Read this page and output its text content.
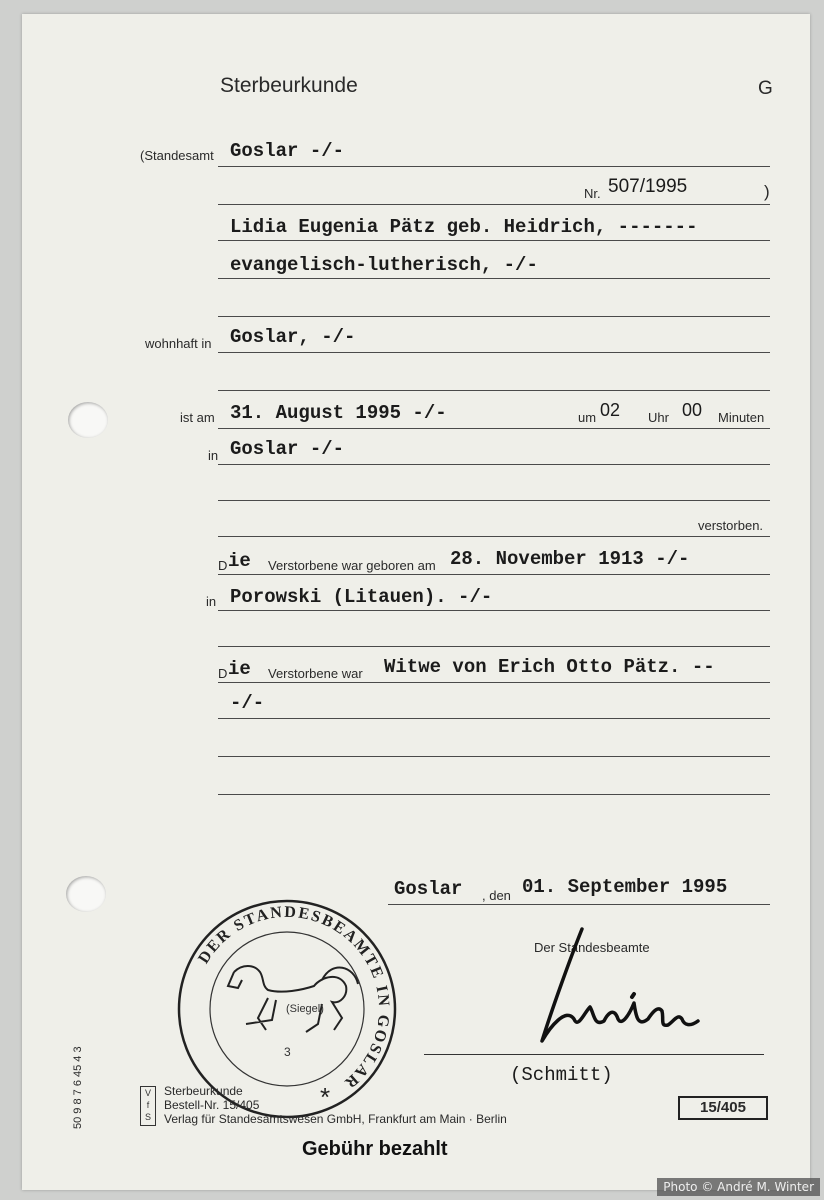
Sterbeurkunde	G
(Standesamt Goslar -/-
Nr. 507/1995	)
Lidia Eugenia Pätz geb. Heidrich, -------
evangelisch-lutherisch, -/-
wohnhaft in Goslar, -/-
ist am 31. August 1995 -/-	um 02 Uhr 00 Minuten
in Goslar -/-
verstorben.
D ie Verstorbene war geboren am 28. November 1913 -/-
in Porowski (Litauen). -/-
D ie Verstorbene war Witwe von Erich Otto Pätz. --
-/-
Goslar , den 01. September 1995
Der Standesbeamte
(Schmitt)
DER STANDESBEAMTE IN GOSLAR
(Siegel)
3
*
50 9 8 7 6 45 4 3	V
f
S
Sterbeurkunde
Bestell-Nr. 15/405
Verlag für Standesamtswesen GmbH, Frankfurt am Main · Berlin
15/405
Gebühr bezahlt
Photo © André M. Winter
